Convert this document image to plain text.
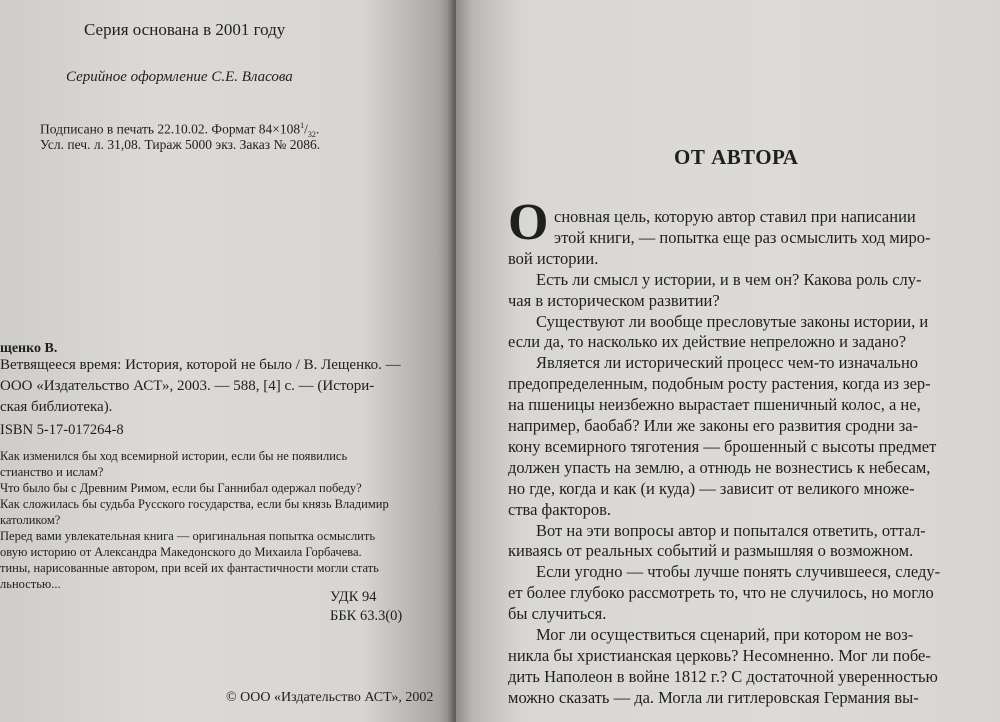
Серия основана в 2001 году
Серийное оформление С.Е. Власова
Подписано в печать 22.10.02. Формат $84\times 108^1/_{32}$.
Усл. печ. л. 31,08. Тираж 5000 экз. Заказ № 2086.
щенко В.
Ветвящееся время: История, которой не было / В. Лещенко. —
ООО «Издательство АСТ», 2003. — 588, [4] с. — (Истори-
ская библиотека).
ISBN 5-17-017264-8
Как изменился бы ход всемирной истории, если бы не появились
стианство и ислам?
Что было бы с Древним Римом, если бы Ганнибал одержал победу?
Как сложилась бы судьба Русского государства, если бы князь Владимир
католиком?
Перед вами увлекательная книга — оригинальная попытка осмыслить
овую историю от Александра Македонского до Михаила Горбачева.
тины, нарисованные автором, при всей их фантастичности могли стать
льностью...
УДК 94
ББК 63.3(0)
© ООО «Издательство АСТ», 2002
ОТ АВТОРА
О сновная цель, которую автор ставил при написании
этой книги, — попытка еще раз осмыслить ход миро-
вой истории.
Есть ли смысл у истории, и в чем он? Какова роль слу-
чая в историческом развитии?
Существуют ли вообще пресловутые законы истории, и
если да, то насколько их действие непреложно и задано?
Является ли исторический процесс чем-то изначально
предопределенным, подобным росту растения, когда из зер-
на пшеницы неизбежно вырастает пшеничный колос, а не,
например, баобаб? Или же законы его развития сродни за-
кону всемирного тяготения — брошенный с высоты предмет
должен упасть на землю, а отнюдь не вознестись к небесам,
но где, когда и как (и куда) — зависит от великого множе-
ства факторов.
Вот на эти вопросы автор и попытался ответить, оттал-
киваясь от реальных событий и размышляя о возможном.
Если угодно — чтобы лучше понять случившееся, следу-
ет более глубоко рассмотреть то, что не случилось, но могло
бы случиться.
Мог ли осуществиться сценарий, при котором не воз-
никла бы христианская церковь? Несомненно. Мог ли побе-
дить Наполеон в войне 1812 г.? С достаточной уверенностью
можно сказать — да. Могла ли гитлеровская Германия вы-
